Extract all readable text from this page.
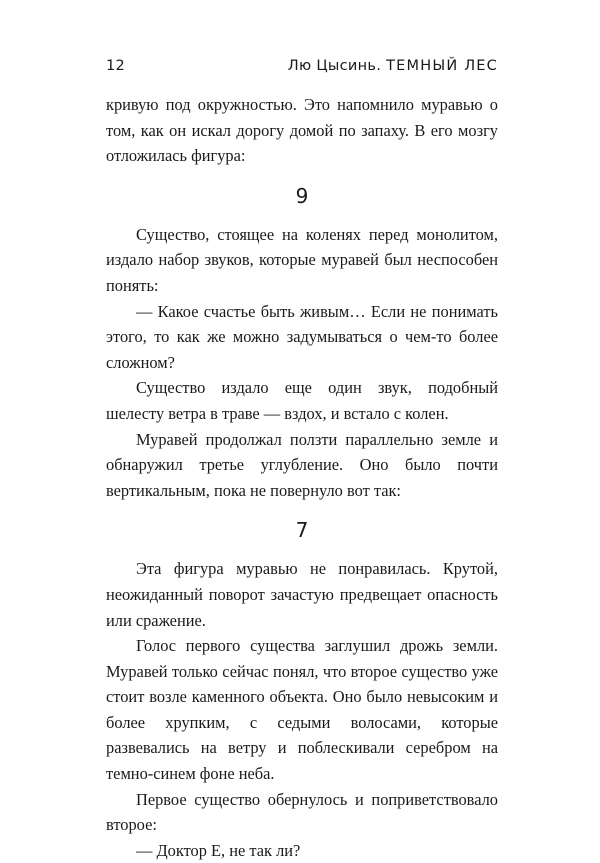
12	Лю Цысинь. ТЕМНЫЙ ЛЕС

кривую под окружностью. Это напомнило муравью о том, как он искал дорогу домой по запаху. В его мозгу отложилась фигура:

9

Существо, стоящее на коленях перед монолитом, издало набор звуков, которые муравей был неспособен понять:

— Какое счастье быть живым… Если не понимать этого, то как же можно задумываться о чем-то более сложном?

Существо издало еще один звук, подобный шелесту ветра в траве — вздох, и встало с колен.

Муравей продолжал ползти параллельно земле и обнаружил третье углубление. Оно было почти вертикальным, пока не повернуло вот так:

7

Эта фигура муравью не понравилась. Крутой, неожиданный поворот зачастую предвещает опасность или сражение.

Голос первого существа заглушил дрожь земли. Муравей только сейчас понял, что второе существо уже стоит возле каменного объекта. Оно было невысоким и более хрупким, с седыми волосами, которые развевались на ветру и поблескивали серебром на темно-синем фоне неба.

Первое существо обернулось и поприветствовало второе:

— Доктор Е, не так ли?
